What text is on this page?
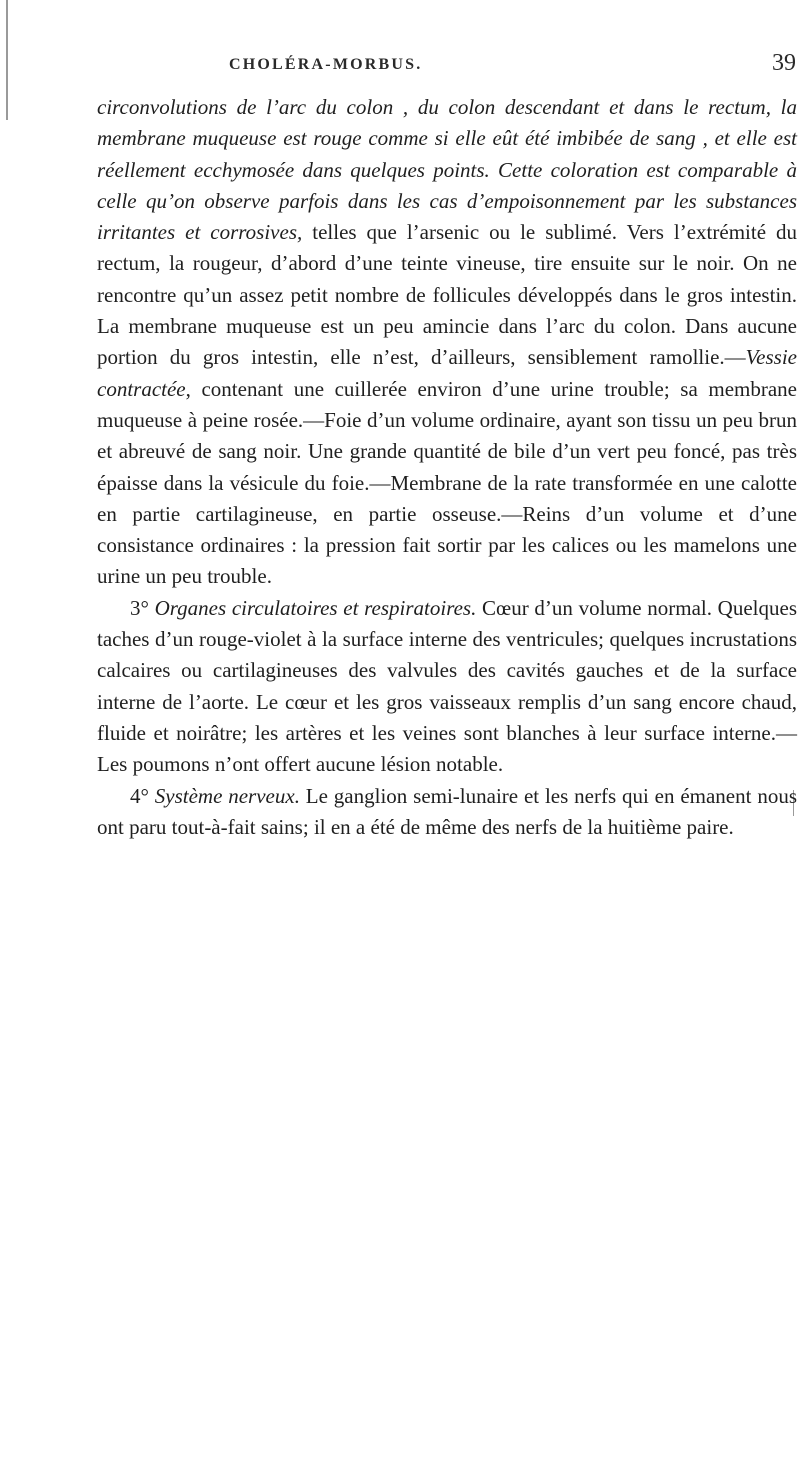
CHOLÉRA-MORBUS.	39

circonvolutions de l’arc du colon , du colon descendant et dans le rectum, la membrane muqueuse est rouge comme si elle eût été imbibée de sang , et elle est réellement ecchymosée dans quelques points. Cette coloration est comparable à celle qu’on observe parfois dans les cas d’empoisonnement par les substances irritantes et corrosives, telles que l’arsenic ou le sublimé. Vers l’extrémité du rectum, la rougeur, d’abord d’une teinte vineuse, tire ensuite sur le noir. On ne rencontre qu’un assez petit nombre de follicules développés dans le gros intestin. La membrane muqueuse est un peu amincie dans l’arc du colon. Dans aucune portion du gros intestin, elle n’est, d’ailleurs, sensiblement ramollie.—Vessie contractée, contenant une cuillerée environ d’une urine trouble; sa membrane muqueuse à peine rosée.—Foie d’un volume ordinaire, ayant son tissu un peu brun et abreuvé de sang noir. Une grande quantité de bile d’un vert peu foncé, pas très épaisse dans la vésicule du foie.—Membrane de la rate transformée en une calotte en partie cartilagineuse, en partie osseuse.—Reins d’un volume et d’une consistance ordinaires : la pression fait sortir par les calices ou les mamelons une urine un peu trouble.

3° Organes circulatoires et respiratoires. Cœur d’un volume normal. Quelques taches d’un rouge-violet à la surface interne des ventricules; quelques incrustations calcaires ou cartilagineuses des valvules des cavités gauches et de la surface interne de l’aorte. Le cœur et les gros vaisseaux remplis d’un sang encore chaud, fluide et noirâtre; les artères et les veines sont blanches à leur surface interne.—Les poumons n’ont offert aucune lésion notable.

4° Système nerveux. Le ganglion semi-lunaire et les nerfs qui en émanent nous ont paru tout-à-fait sains; il en a été de même des nerfs de la huitième paire.
